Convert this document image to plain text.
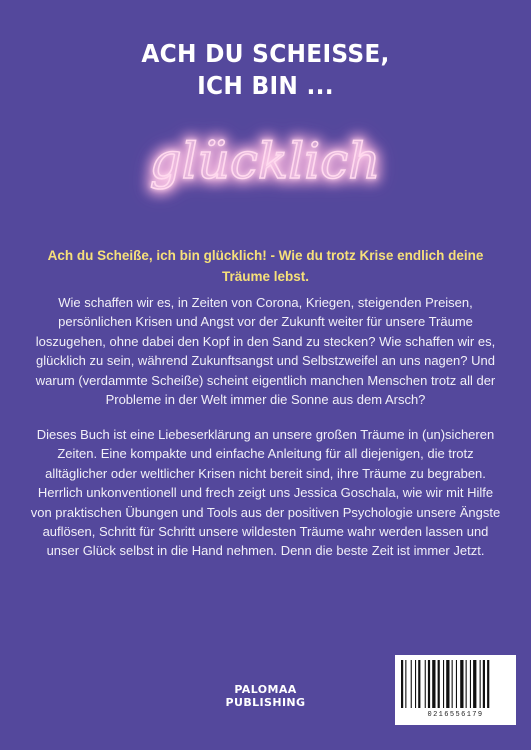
ACH DU SCHEISSE,
ICH BIN ...
glücklich
Ach du Scheiße, ich bin glücklich! - Wie du trotz Krise endlich deine Träume lebst.
Wie schaffen wir es, in Zeiten von Corona, Kriegen, steigenden Preisen, persönlichen Krisen und Angst vor der Zukunft weiter für unsere Träume loszugehen, ohne dabei den Kopf in den Sand zu stecken? Wie schaffen wir es, glücklich zu sein, während Zukunftsangst und Selbstzweifel an uns nagen? Und warum (verdammte Scheiße) scheint eigentlich manchen Menschen trotz all der Probleme in der Welt immer die Sonne aus dem Arsch?
Dieses Buch ist eine Liebeserklärung an unsere großen Träume in (un)sicheren Zeiten. Eine kompakte und einfache Anleitung für all diejenigen, die trotz alltäglicher oder weltlicher Krisen nicht bereit sind, ihre Träume zu begraben. Herrlich unkonventionell und frech zeigt uns Jessica Goschala, wie wir mit Hilfe von praktischen Übungen und Tools aus der positiven Psychologie unsere Ängste auflösen, Schritt für Schritt unsere wildesten Träume wahr werden lassen und unser Glück selbst in die Hand nehmen. Denn die beste Zeit ist immer Jetzt.
PALOMAA
PUBLISHING
0216556179
